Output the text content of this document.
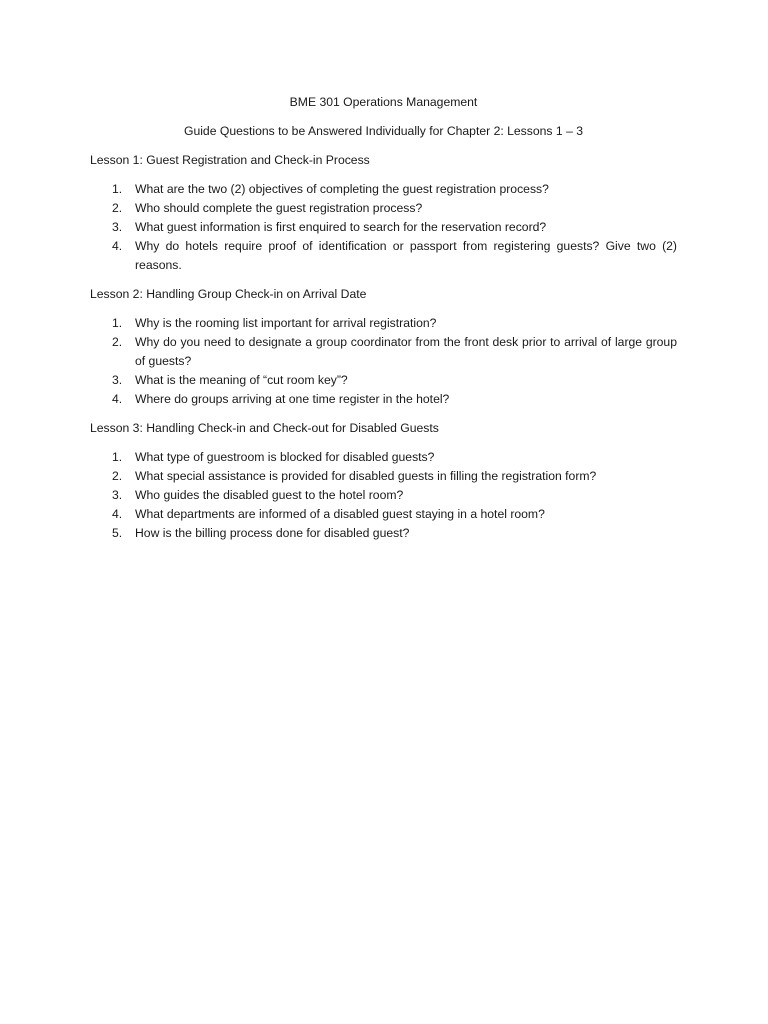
BME 301 Operations Management

Guide Questions to be Answered Individually for Chapter 2: Lessons 1 – 3

Lesson 1: Guest Registration and Check-in Process

1. What are the two (2) objectives of completing the guest registration process?
2. Who should complete the guest registration process?
3. What guest information is first enquired to search for the reservation record?
4. Why do hotels require proof of identification or passport from registering guests? Give two (2) reasons.

Lesson 2: Handling Group Check-in on Arrival Date

1. Why is the rooming list important for arrival registration?
2. Why do you need to designate a group coordinator from the front desk prior to arrival of large group of guests?
3. What is the meaning of “cut room key”?
4. Where do groups arriving at one time register in the hotel?

Lesson 3: Handling Check-in and Check-out for Disabled Guests

1. What type of guestroom is blocked for disabled guests?
2. What special assistance is provided for disabled guests in filling the registration form?
3. Who guides the disabled guest to the hotel room?
4. What departments are informed of a disabled guest staying in a hotel room?
5. How is the billing process done for disabled guest?
